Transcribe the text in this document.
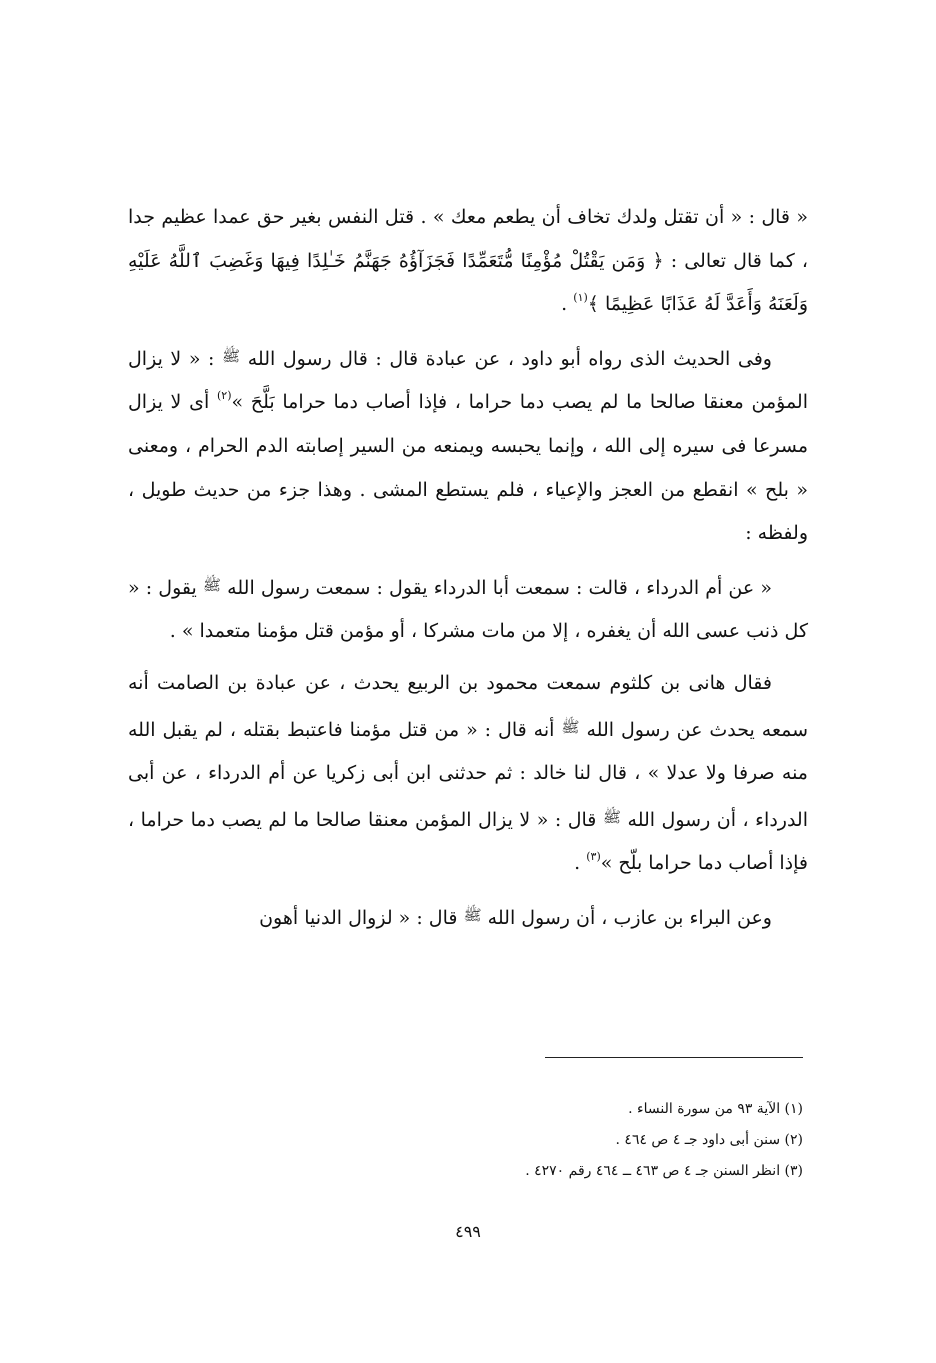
« قال : « أن تقتل ولدك تخاف أن يطعم معك » . قتل النفس بغير حق عمدا عظيم جدا ، كما قال تعالى : ﴿ وَمَن يَقْتُلْ مُؤْمِنًا مُّتَعَمِّدًا فَجَزَآؤُهُ جَهَنَّمُ خَـٰلِدًا فِيهَا وَغَضِبَ ٱللَّهُ عَلَيْهِ وَلَعَنَهُ وَأَعَدَّ لَهُ عَذَابًا عَظِيمًا ﴾$^{(١)}$ .

وفى الحديث الذى رواه أبو داود ، عن عبادة قال : قال رسول الله $^ﷺ$ : « لا يزال المؤمن معنقا صالحا ما لم يصب دما حراما ، فإذا أصاب دما حراما بَلَّحَ »$^{(٢)}$ أى لا يزال مسرعا فى سيره إلى الله ، وإنما يحبسه ويمنعه من السير إصابته الدم الحرام ، ومعنى « بلح » انقطع من العجز والإعياء ، فلم يستطع المشى . وهذا جزء من حديث طويل ، ولفظه :

« عن أم الدرداء ، قالت : سمعت أبا الدرداء يقول : سمعت رسول الله $^ﷺ$ يقول : « كل ذنب عسى الله أن يغفره ، إلا من مات مشركا ، أو مؤمن قتل مؤمنا متعمدا » .

فقال هانى بن كلثوم سمعت محمود بن الربيع يحدث ، عن عبادة بن الصامت أنه سمعه يحدث عن رسول الله $^ﷺ$ أنه قال : « من قتل مؤمنا فاعتبط بقتله ، لم يقبل الله منه صرفا ولا عدلا » ، قال لنا خالد : ثم حدثنى ابن أبى زكريا عن أم الدرداء ، عن أبى الدرداء ، أن رسول الله $^ﷺ$ قال : « لا يزال المؤمن معنقا صالحا ما لم يصب دما حراما ، فإذا أصاب دما حراما بلّح »$^{(٣)}$ .

وعن البراء بن عازب ، أن رسول الله $^ﷺ$ قال : « لزوال الدنيا أهون

(١) الآية ٩٣ من سورة النساء .

(٢) سنن أبى داود جـ ٤ ص ٤٦٤ .

(٣) انظر السنن جـ ٤ ص ٤٦٣ ــ ٤٦٤ رقم ٤٢٧٠ .

٤٩٩
